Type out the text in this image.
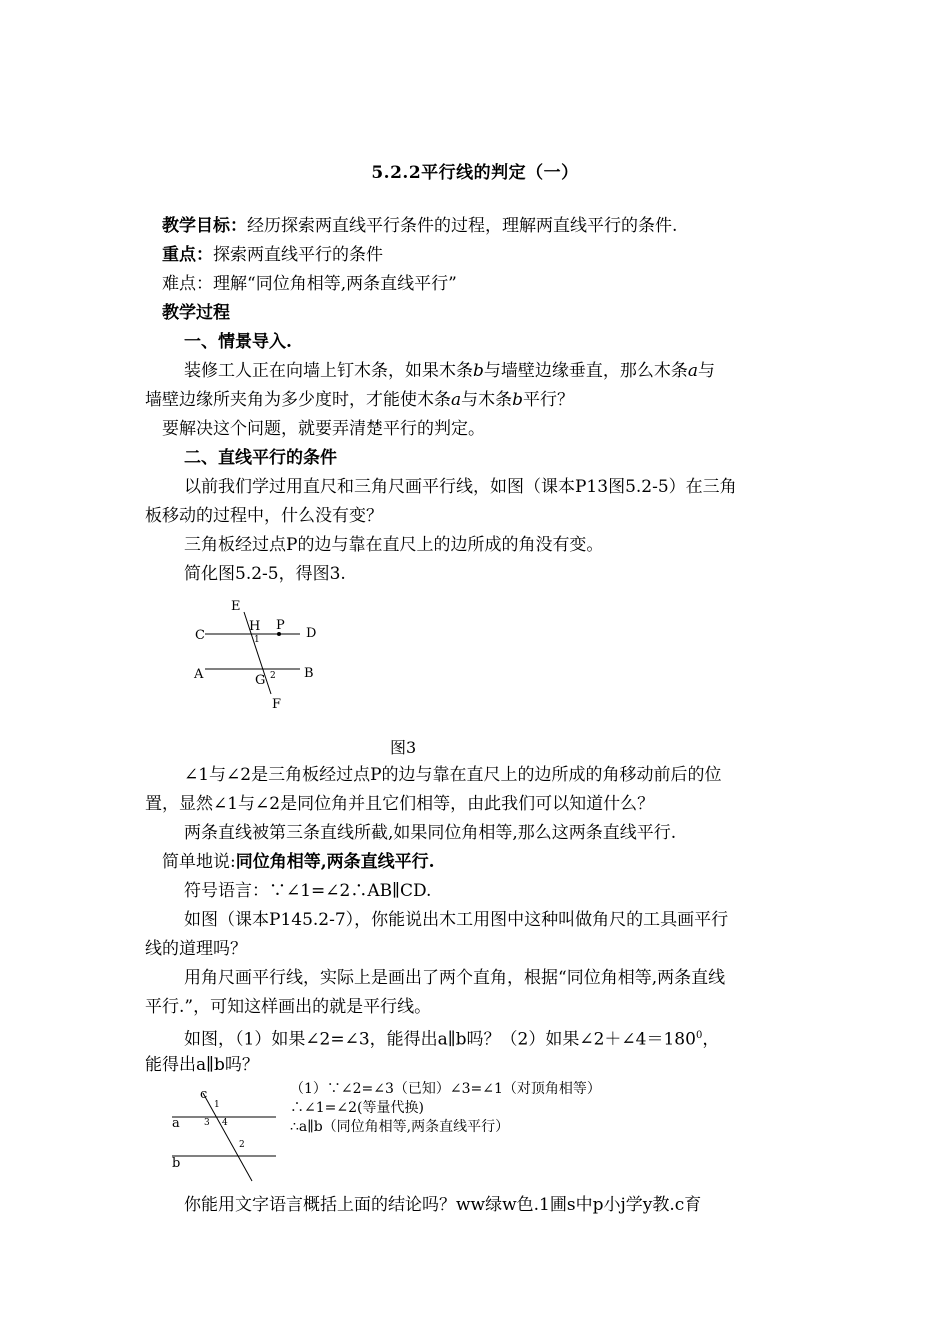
5.2.2平行线的判定（一）
教学目标：经历探索两直线平行条件的过程，理解两直线平行的条件.
重点：探索两直线平行的条件
难点：理解“同位角相等,两条直线平行”
教学过程
一、情景导入.
装修工人正在向墙上钉木条，如果木条b与墙壁边缘垂直，那么木条a与
墙壁边缘所夹角为多少度时，才能使木条a与木条b平行？
要解决这个问题，就要弄清楚平行的判定。
二、直线平行的条件
以前我们学过用直尺和三角尺画平行线，如图（课本P13图5.2-5）在三角
板移动的过程中，什么没有变？
三角板经过点P的边与靠在直尺上的边所成的角没有变。
简化图5.2-5，得图3.
E
H P
C	D
A	B
G
F
1
2
图3
∠1与∠2是三角板经过点P的边与靠在直尺上的边所成的角移动前后的位
置，显然∠1与∠2是同位角并且它们相等，由此我们可以知道什么？
两条直线被第三条直线所截,如果同位角相等,那么这两条直线平行.
简单地说:同位角相等,两条直线平行.
符号语言：∵∠1=∠2∴AB∥CD.
如图（课本P145.2-7），你能说出木工用图中这种叫做角尺的工具画平行
线的道理吗？
用角尺画平行线，实际上是画出了两个直角，根据“同位角相等,两条直线
平行.”，可知这样画出的就是平行线。
如图，（1）如果∠2=∠3，能得出a∥b吗？（2）如果$\angle 2+\angle 4=180^0$，
能得出a∥b吗？
c
a
b
1
3 4
2
（1）∵∠2=∠3（已知）∠3=∠1（对顶角相等）
∴∠1=∠2(等量代换)
∴a∥b（同位角相等,两条直线平行）
你能用文字语言概括上面的结论吗？ww绿w色.1圃s中p小j学y教.c育
